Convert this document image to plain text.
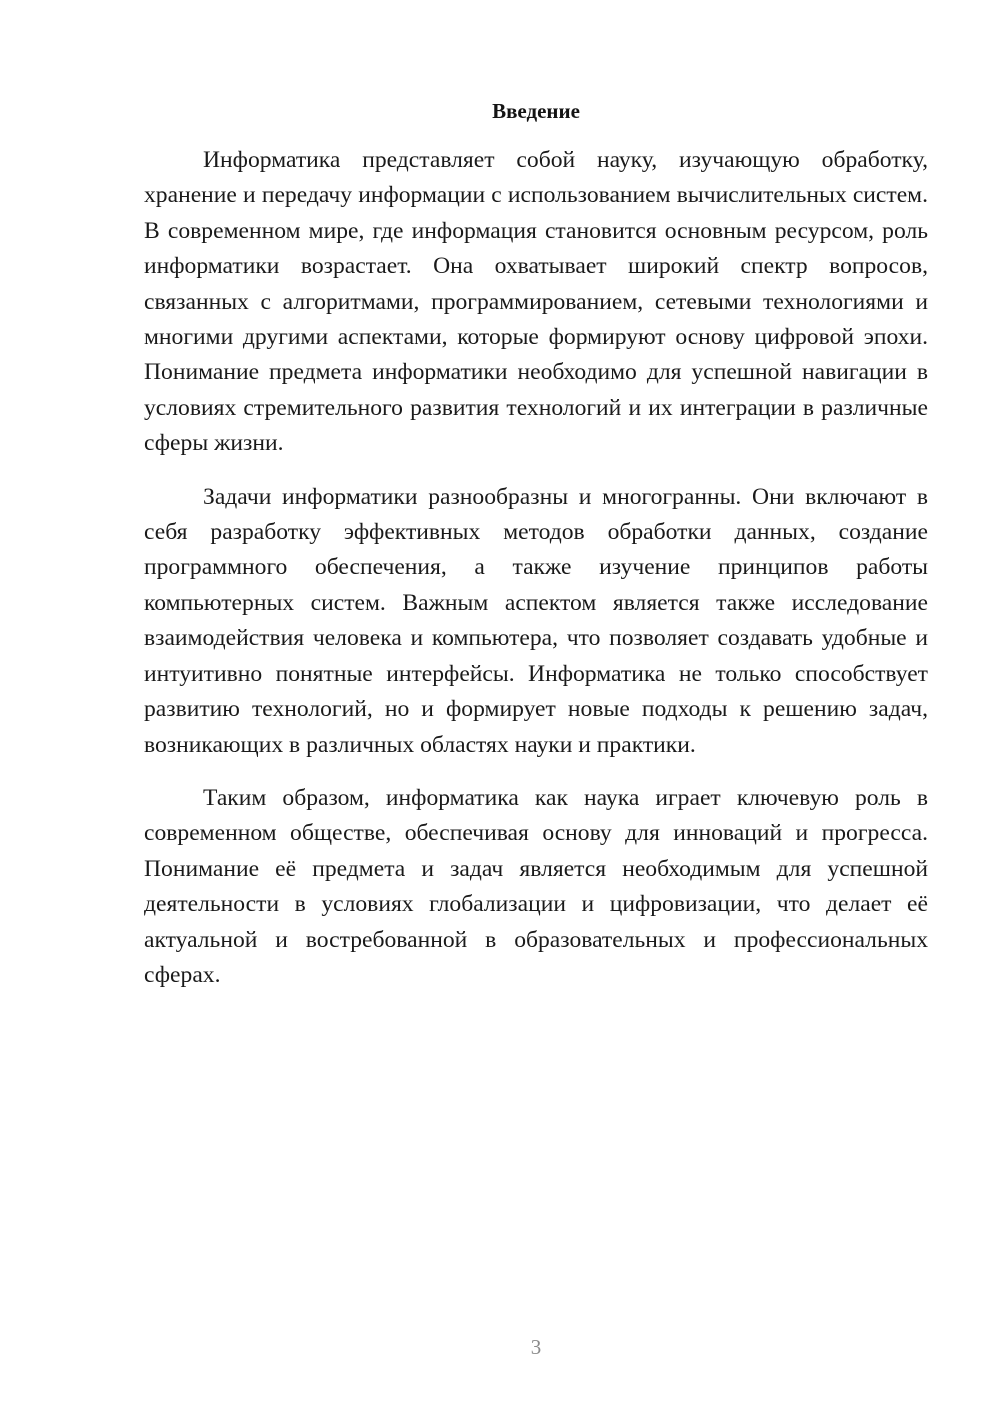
Введение

Информатика представляет собой науку, изучающую обработку, хранение и передачу информации с использованием вычислительных систем. В современном мире, где информация становится основным ресурсом, роль информатики возрастает. Она охватывает широкий спектр вопросов, связанных с алгоритмами, программированием, сетевыми технологиями и многими другими аспектами, которые формируют основу цифровой эпохи. Понимание предмета информатики необходимо для успешной навигации в условиях стремительного развития технологий и их интеграции в различные сферы жизни.

Задачи информатики разнообразны и многогранны. Они включают в себя разработку эффективных методов обработки данных, создание программного обеспечения, а также изучение принципов работы компьютерных систем. Важным аспектом является также исследование взаимодействия человека и компьютера, что позволяет создавать удобные и интуитивно понятные интерфейсы. Информатика не только способствует развитию технологий, но и формирует новые подходы к решению задач, возникающих в различных областях науки и практики.

Таким образом, информатика как наука играет ключевую роль в современном обществе, обеспечивая основу для инноваций и прогресса. Понимание её предмета и задач является необходимым для успешной деятельности в условиях глобализации и цифровизации, что делает её актуальной и востребованной в образовательных и профессиональных сферах.

3
